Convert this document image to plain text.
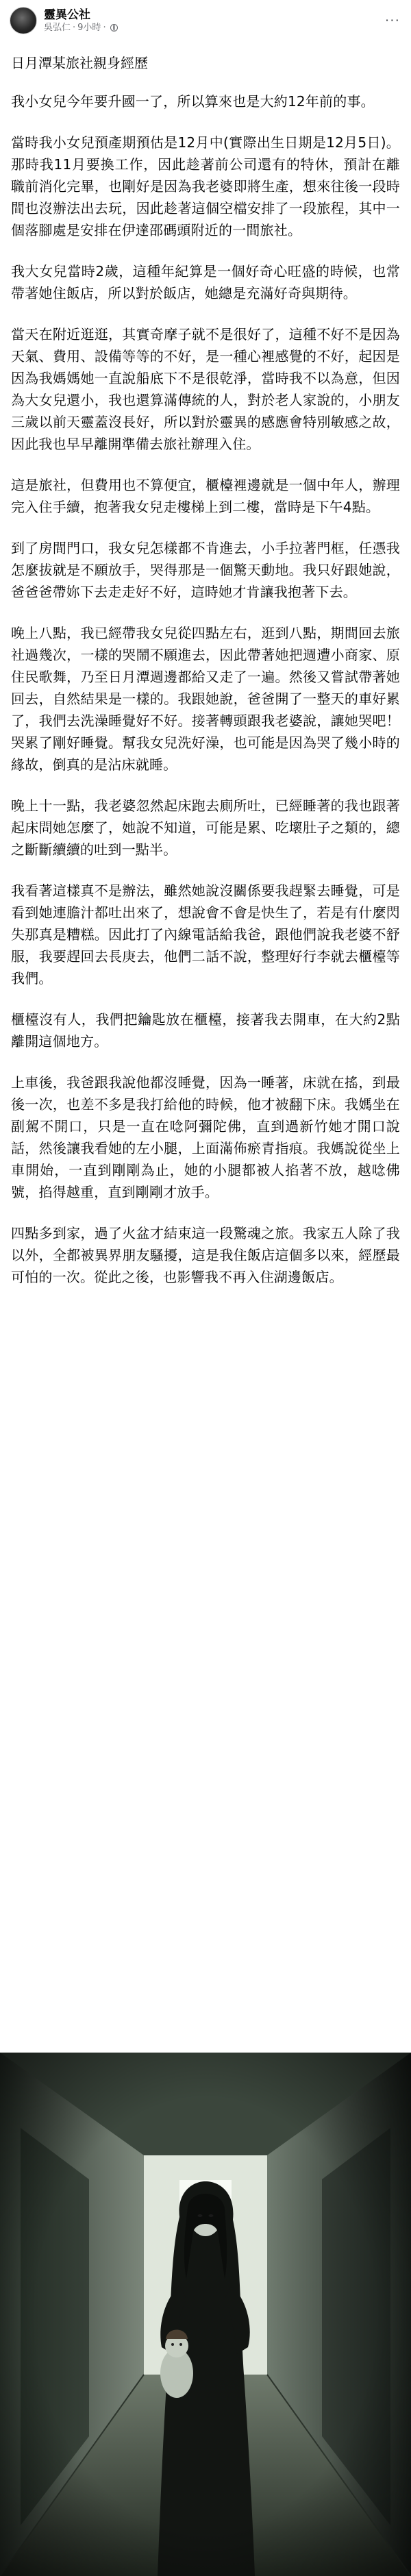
靈異公社
吳弘仁 · 9小時 ·	···
日月潭某旅社親身經歷

我小女兒今年要升國一了，所以算來也是大約12年前的事。

當時我小女兒預產期預估是12月中(實際出生日期是12月5日)。那時我11月要換工作，因此趁著前公司還有的特休，預計在離職前消化完畢，也剛好是因為我老婆即將生產，想來往後一段時間也沒辦法出去玩，因此趁著這個空檔安排了一段旅程，其中一個落腳處是安排在伊達邵碼頭附近的一間旅社。

我大女兒當時2歲，這種年紀算是一個好奇心旺盛的時候，也常帶著她住飯店，所以對於飯店，她總是充滿好奇與期待。

當天在附近逛逛，其實奇摩子就不是很好了，這種不好不是因為天氣、費用、設備等等的不好，是一種心裡感覺的不好，起因是因為我媽媽她一直說船底下不是很乾淨，當時我不以為意，但因為大女兒還小，我也還算滿傳統的人，對於老人家說的，小朋友三歲以前天靈蓋沒長好，所以對於靈異的感應會特別敏感之故，因此我也早早離開準備去旅社辦理入住。

這是旅社，但費用也不算便宜，櫃檯裡邊就是一個中年人，辦理完入住手續，抱著我女兒走樓梯上到二樓，當時是下午4點。

到了房間門口，我女兒怎樣都不肯進去，小手拉著門框，任憑我怎麼拔就是不願放手，哭得那是一個驚天動地。我只好跟她說，爸爸爸帶妳下去走走好不好，這時她才肯讓我抱著下去。

晚上八點，我已經帶我女兒從四點左右，逛到八點，期間回去旅社過幾次，一樣的哭鬧不願進去，因此帶著她把週遭小商家、原住民歌舞，乃至日月潭週邊都給又走了一遍。然後又嘗試帶著她回去，自然結果是一樣的。我跟她說，爸爸開了一整天的車好累了，我們去洗澡睡覺好不好。接著轉頭跟我老婆說，讓她哭吧！哭累了剛好睡覺。幫我女兒洗好澡，也可能是因為哭了幾小時的緣故，倒真的是沾床就睡。

晚上十一點，我老婆忽然起床跑去廁所吐，已經睡著的我也跟著起床問她怎麼了，她說不知道，可能是累、吃壞肚子之類的，總之斷斷續續的吐到一點半。

我看著這樣真不是辦法，雖然她說沒關係要我趕緊去睡覺，可是看到她連膽汁都吐出來了，想說會不會是快生了，若是有什麼閃失那真是糟糕。因此打了內線電話給我爸，跟他們說我老婆不舒服，我要趕回去長庚去，他們二話不說，整理好行李就去櫃檯等我們。

櫃檯沒有人，我們把鑰匙放在櫃檯，接著我去開車，在大約2點離開這個地方。

上車後，我爸跟我說他都沒睡覺，因為一睡著，床就在搖，到最後一次，也差不多是我打給他的時候，他才被翻下床。我媽坐在副駕不開口，只是一直在唸阿彌陀佛，直到過新竹她才開口說話，然後讓我看她的左小腿，上面滿佈瘀青指痕。我媽說從坐上車開始，一直到剛剛為止，她的小腿都被人掐著不放，越唸佛號，掐得越重，直到剛剛才放手。

四點多到家，過了火盆才結束這一段驚魂之旅。我家五人除了我以外，全都被異界朋友騷擾，這是我住飯店這個多以來，經歷最可怕的一次。從此之後，也影響我不再入住湖邊飯店。
